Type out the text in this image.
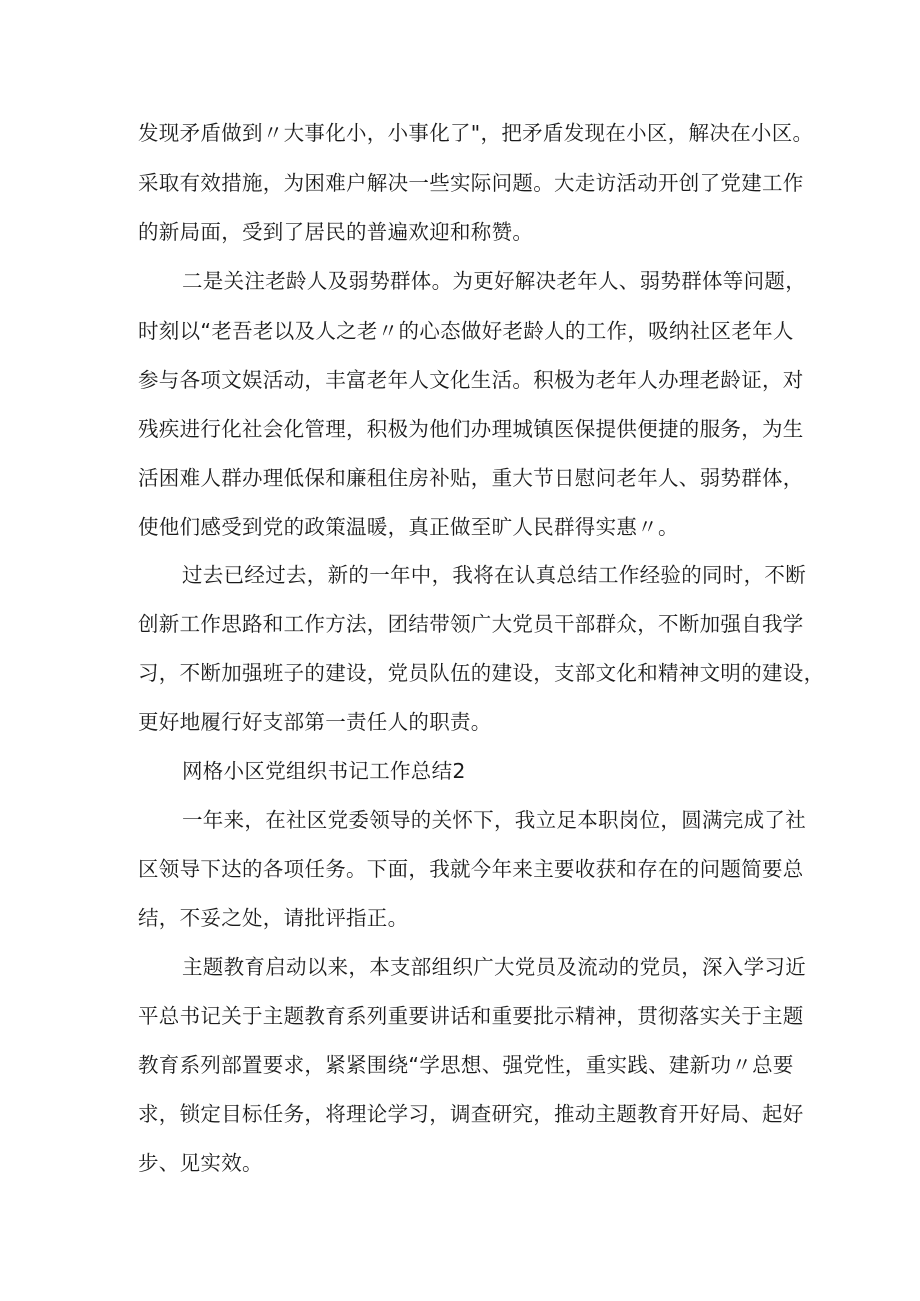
发现矛盾做到〃大事化小，小事化了"，把矛盾发现在小区，解决在小区。
采取有效措施，为困难户解决一些实际问题。大走访活动开创了党建工作
的新局面，受到了居民的普遍欢迎和称赞。
二是关注老龄人及弱势群体。为更好解决老年人、弱势群体等问题，
时刻以“老吾老以及人之老〃的心态做好老龄人的工作，吸纳社区老年人
参与各项文娱活动，丰富老年人文化生活。积极为老年人办理老龄证，对
残疾进行化社会化管理，积极为他们办理城镇医保提供便捷的服务，为生
活困难人群办理低保和廉租住房补贴，重大节日慰问老年人、弱势群体，
使他们感受到党的政策温暖，真正做至旷人民群得实惠〃。
过去已经过去，新的一年中，我将在认真总结工作经验的同时，不断
创新工作思路和工作方法，团结带领广大党员干部群众，不断加强自我学
习，不断加强班子的建设，党员队伍的建设，支部文化和精神文明的建设，
更好地履行好支部第一责任人的职责。
网格小区党组织书记工作总结2
一年来，在社区党委领导的关怀下，我立足本职岗位，圆满完成了社
区领导下达的各项任务。下面，我就今年来主要收获和存在的问题简要总
结，不妥之处，请批评指正。
主题教育启动以来，本支部组织广大党员及流动的党员，深入学习近
平总书记关于主题教育系列重要讲话和重要批示精神，贯彻落实关于主题
教育系列部置要求，紧紧围绕“学思想、强党性，重实践、建新功〃总要
求，锁定目标任务，将理论学习，调查研究，推动主题教育开好局、起好
步、见实效。
